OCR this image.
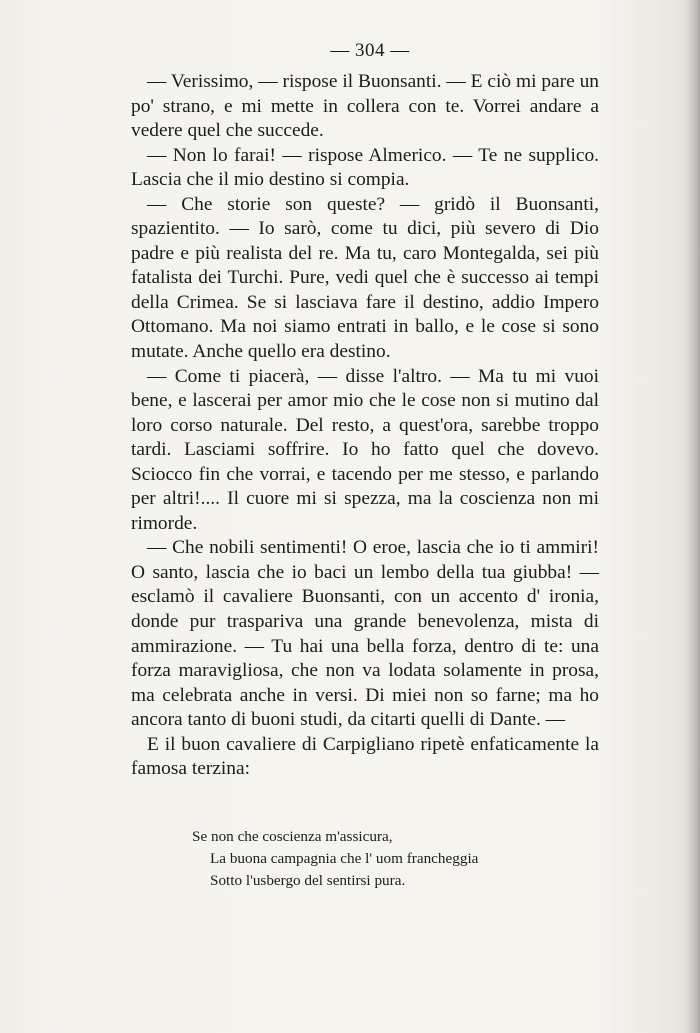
— 304 —

— Verissimo, — rispose il Buonsanti. — E ciò mi pare un po' strano, e mi mette in collera con te. Vorrei andare a vedere quel che succede.

— Non lo farai! — rispose Almerico. — Te ne supplico. Lascia che il mio destino si compia.

— Che storie son queste? — gridò il Buonsanti, spazientito. — Io sarò, come tu dici, più severo di Dio padre e più realista del re. Ma tu, caro Montegalda, sei più fatalista dei Turchi. Pure, vedi quel che è successo ai tempi della Crimea. Se si lasciava fare il destino, addio Impero Ottomano. Ma noi siamo entrati in ballo, e le cose si sono mutate. Anche quello era destino.

— Come ti piacerà, — disse l'altro. — Ma tu mi vuoi bene, e lascerai per amor mio che le cose non si mutino dal loro corso naturale. Del resto, a quest'ora, sarebbe troppo tardi. Lasciami soffrire. Io ho fatto quel che dovevo. Sciocco fin che vorrai, e tacendo per me stesso, e parlando per altri!.... Il cuore mi si spezza, ma la coscienza non mi rimorde.

— Che nobili sentimenti! O eroe, lascia che io ti ammiri! O santo, lascia che io baci un lembo della tua giubba! — esclamò il cavaliere Buonsanti, con un accento d' ironia, donde pur traspariva una grande benevolenza, mista di ammirazione. — Tu hai una bella forza, dentro di te: una forza maravigliosa, che non va lodata solamente in prosa, ma celebrata anche in versi. Di miei non so farne; ma ho ancora tanto di buoni studi, da citarti quelli di Dante. —

E il buon cavaliere di Carpigliano ripetè enfaticamente la famosa terzina:

Se non che coscienza m'assicura,
La buona campagnia che l' uom francheggia
Sotto l'usbergo del sentirsi pura.
